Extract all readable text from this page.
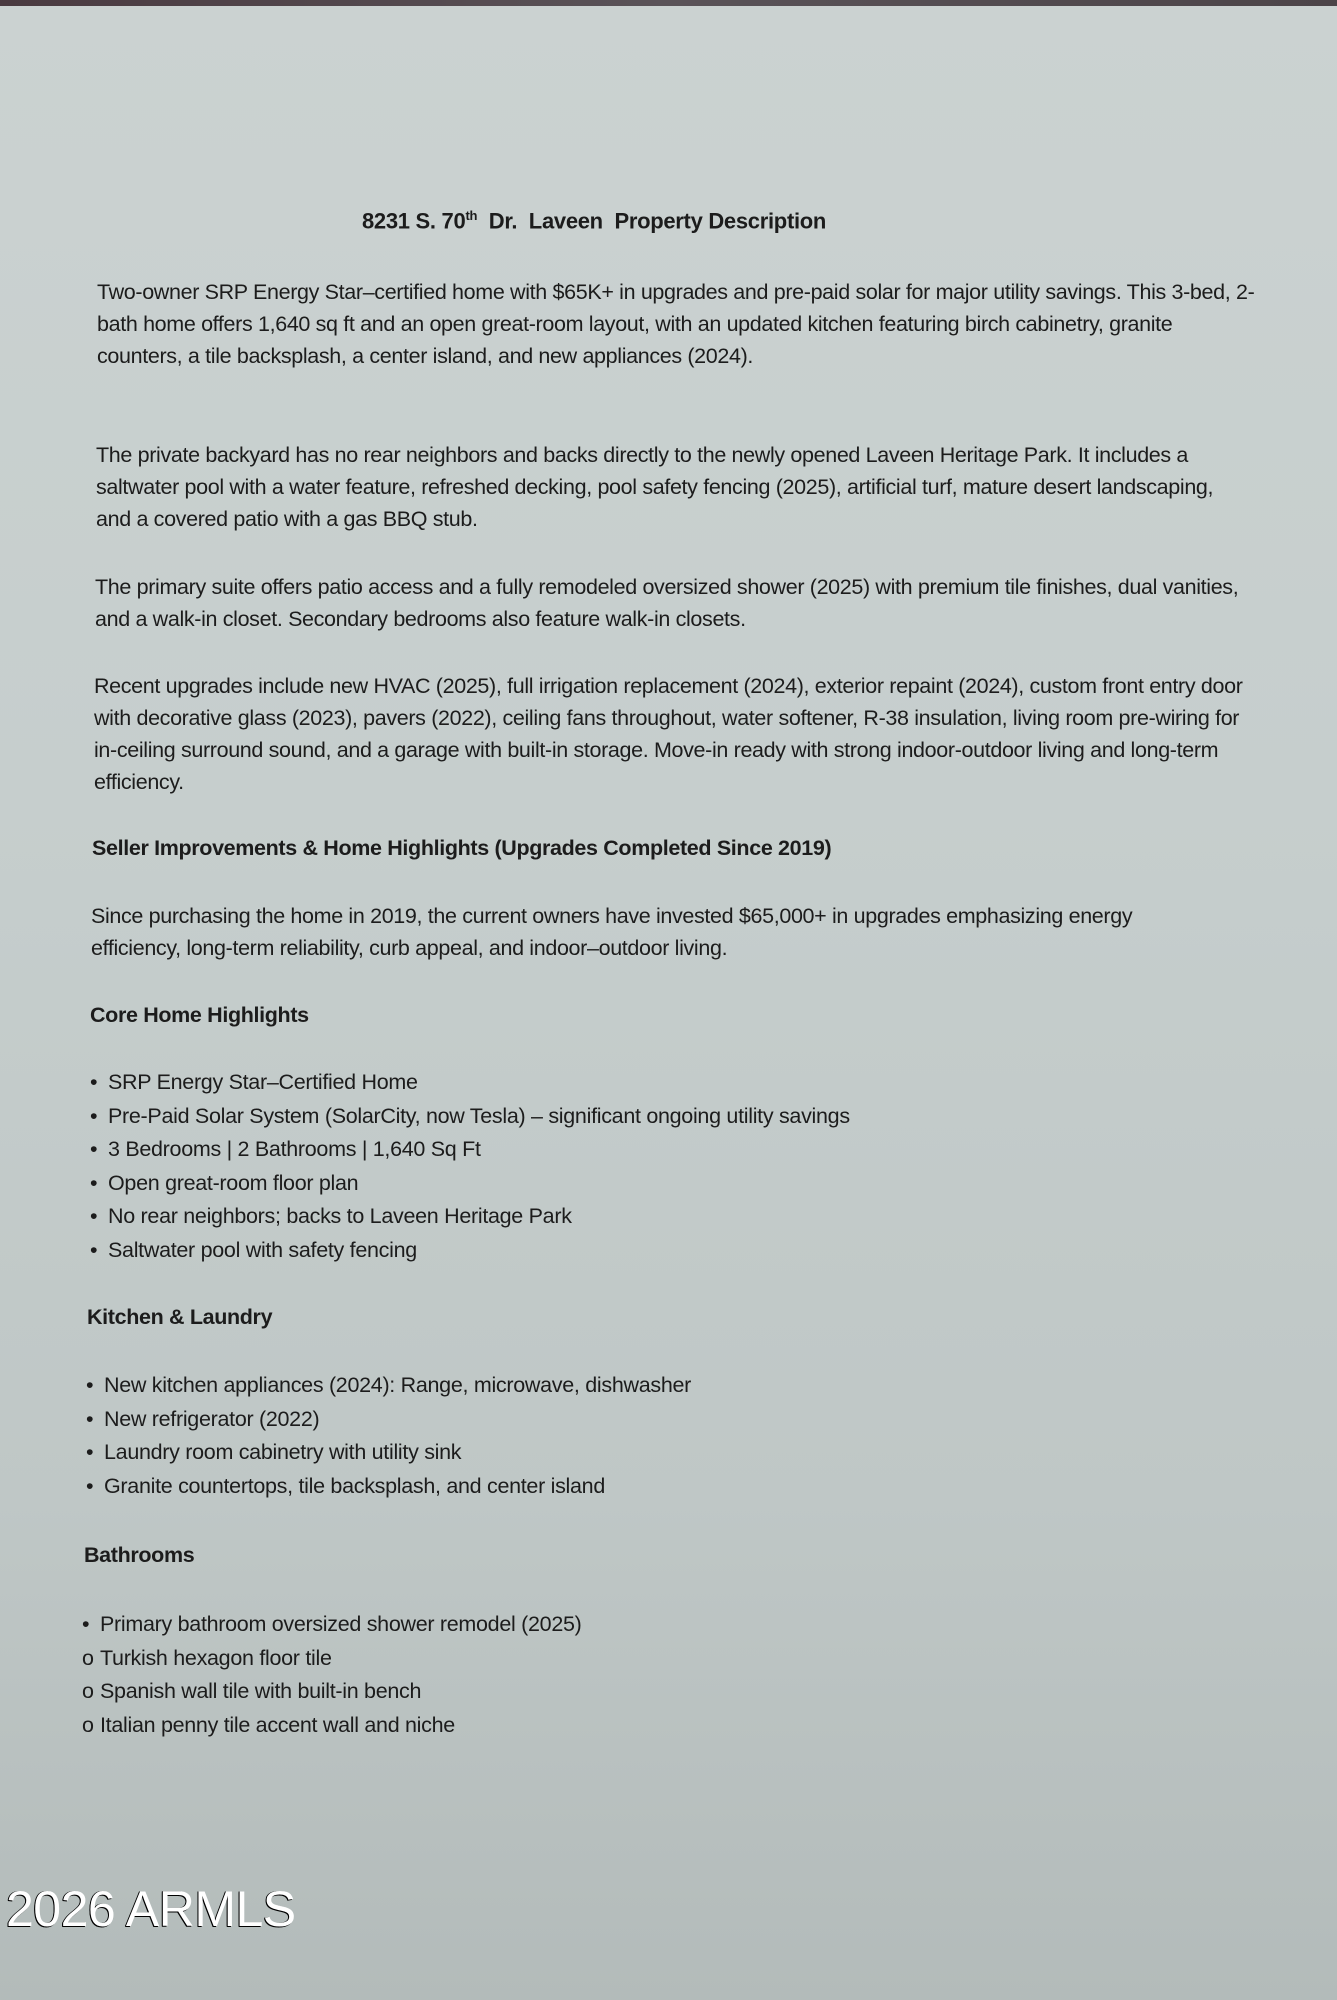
8231 S. 70th  Dr.  Laveen  Property Description
Two-owner SRP Energy Star–certified home with $65K+ in upgrades and pre-paid solar for major utility savings. This 3-bed, 2-bath home offers 1,640 sq ft and an open great-room layout, with an updated kitchen featuring birch cabinetry, granite counters, a tile backsplash, a center island, and new appliances (2024).
The private backyard has no rear neighbors and backs directly to the newly opened Laveen Heritage Park. It includes a saltwater pool with a water feature, refreshed decking, pool safety fencing (2025), artificial turf, mature desert landscaping, and a covered patio with a gas BBQ stub.
The primary suite offers patio access and a fully remodeled oversized shower (2025) with premium tile finishes, dual vanities, and a walk-in closet. Secondary bedrooms also feature walk-in closets.
Recent upgrades include new HVAC (2025), full irrigation replacement (2024), exterior repaint (2024), custom front entry door with decorative glass (2023), pavers (2022), ceiling fans throughout, water softener, R-38 insulation, living room pre-wiring for in-ceiling surround sound, and a garage with built-in storage. Move-in ready with strong indoor-outdoor living and long-term efficiency.
Seller Improvements & Home Highlights (Upgrades Completed Since 2019)
Since purchasing the home in 2019, the current owners have invested $65,000+ in upgrades emphasizing energy efficiency, long-term reliability, curb appeal, and indoor–outdoor living.
Core Home Highlights
• SRP Energy Star–Certified Home
• Pre-Paid Solar System (SolarCity, now Tesla) – significant ongoing utility savings
• 3 Bedrooms | 2 Bathrooms | 1,640 Sq Ft
• Open great-room floor plan
• No rear neighbors; backs to Laveen Heritage Park
• Saltwater pool with safety fencing
Kitchen & Laundry
• New kitchen appliances (2024): Range, microwave, dishwasher
• New refrigerator (2022)
• Laundry room cabinetry with utility sink
• Granite countertops, tile backsplash, and center island
Bathrooms
• Primary bathroom oversized shower remodel (2025)
o Turkish hexagon floor tile
o Spanish wall tile with built-in bench
o Italian penny tile accent wall and niche
2026 ARMLS
